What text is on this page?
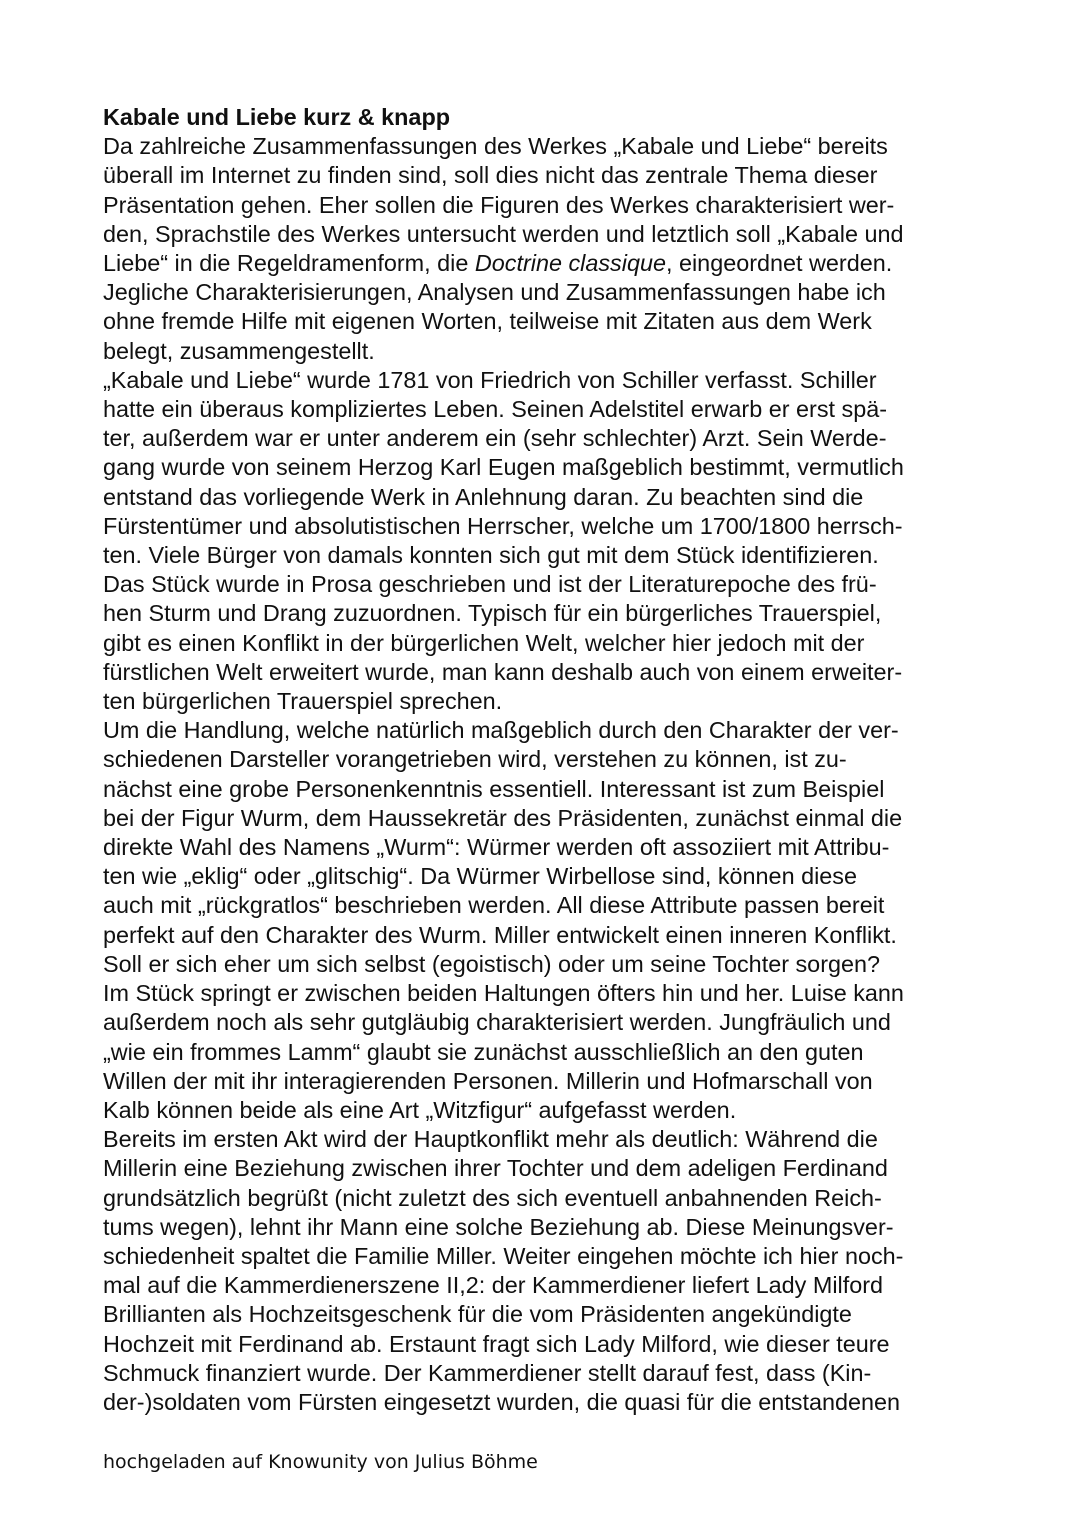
Kabale und Liebe kurz & knapp
Da zahlreiche Zusammenfassungen des Werkes „Kabale und Liebe“ bereits
überall im Internet zu finden sind, soll dies nicht das zentrale Thema dieser
Präsentation gehen. Eher sollen die Figuren des Werkes charakterisiert wer-
den, Sprachstile des Werkes untersucht werden und letztlich soll „Kabale und
Liebe“ in die Regeldramenform, die Doctrine classique, eingeordnet werden.
Jegliche Charakterisierungen, Analysen und Zusammenfassungen habe ich
ohne fremde Hilfe mit eigenen Worten, teilweise mit Zitaten aus dem Werk
belegt, zusammengestellt.
„Kabale und Liebe“ wurde 1781 von Friedrich von Schiller verfasst. Schiller
hatte ein überaus kompliziertes Leben. Seinen Adelstitel erwarb er erst spä-
ter, außerdem war er unter anderem ein (sehr schlechter) Arzt. Sein Werde-
gang wurde von seinem Herzog Karl Eugen maßgeblich bestimmt, vermutlich
entstand das vorliegende Werk in Anlehnung daran. Zu beachten sind die
Fürstentümer und absolutistischen Herrscher, welche um 1700/1800 herrsch-
ten. Viele Bürger von damals konnten sich gut mit dem Stück identifizieren.
Das Stück wurde in Prosa geschrieben und ist der Literaturepoche des frü-
hen Sturm und Drang zuzuordnen. Typisch für ein bürgerliches Trauerspiel,
gibt es einen Konflikt in der bürgerlichen Welt, welcher hier jedoch mit der
fürstlichen Welt erweitert wurde, man kann deshalb auch von einem erweiter-
ten bürgerlichen Trauerspiel sprechen.
Um die Handlung, welche natürlich maßgeblich durch den Charakter der ver-
schiedenen Darsteller vorangetrieben wird, verstehen zu können, ist zu-
nächst eine grobe Personenkenntnis essentiell. Interessant ist zum Beispiel
bei der Figur Wurm, dem Haussekretär des Präsidenten, zunächst einmal die
direkte Wahl des Namens „Wurm“: Würmer werden oft assoziiert mit Attribu-
ten wie „eklig“ oder „glitschig“. Da Würmer Wirbellose sind, können diese
auch mit „rückgratlos“ beschrieben werden. All diese Attribute passen bereit
perfekt auf den Charakter des Wurm. Miller entwickelt einen inneren Konflikt.
Soll er sich eher um sich selbst (egoistisch) oder um seine Tochter sorgen?
Im Stück springt er zwischen beiden Haltungen öfters hin und her. Luise kann
außerdem noch als sehr gutgläubig charakterisiert werden. Jungfräulich und
„wie ein frommes Lamm“ glaubt sie zunächst ausschließlich an den guten
Willen der mit ihr interagierenden Personen. Millerin und Hofmarschall von
Kalb können beide als eine Art „Witzfigur“ aufgefasst werden.
Bereits im ersten Akt wird der Hauptkonflikt mehr als deutlich: Während die
Millerin eine Beziehung zwischen ihrer Tochter und dem adeligen Ferdinand
grundsätzlich begrüßt (nicht zuletzt des sich eventuell anbahnenden Reich-
tums wegen), lehnt ihr Mann eine solche Beziehung ab. Diese Meinungsver-
schiedenheit spaltet die Familie Miller. Weiter eingehen möchte ich hier noch-
mal auf die Kammerdienerszene II,2: der Kammerdiener liefert Lady Milford
Brillianten als Hochzeitsgeschenk für die vom Präsidenten angekündigte
Hochzeit mit Ferdinand ab. Erstaunt fragt sich Lady Milford, wie dieser teure
Schmuck finanziert wurde. Der Kammerdiener stellt darauf fest, dass (Kin-
der-)soldaten vom Fürsten eingesetzt wurden, die quasi für die entstandenen
hochgeladen auf Knowunity von Julius Böhme
